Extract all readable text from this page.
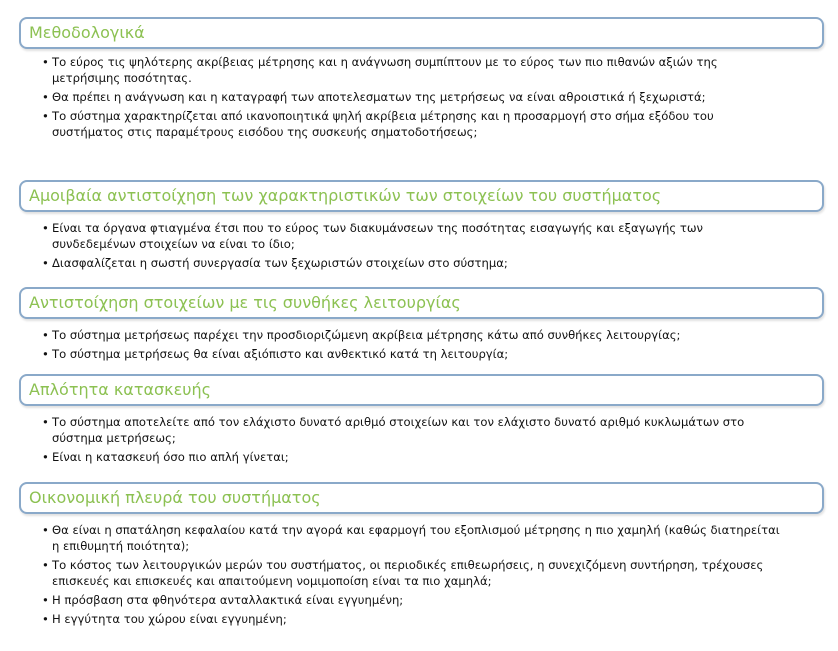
Μεθοδολογικά
• Το εύρος τις ψηλότερης ακρίβειας μέτρησης και η ανάγνωση συμπίπτουν με το εύρος των πιο πιθανών αξιών της μετρήσιμης ποσότητας.
• Θα πρέπει η ανάγνωση και η καταγραφή των αποτελεσματων της μετρήσεως να είναι αθροιστικά ή ξεχωριστά;
• Το σύστημα χαρακτηρίζεται από ικανοποιητικά ψηλή ακρίβεια μέτρησης και η προσαρμογή στο σήμα εξόδου του συστήματος στις παραμέτρους εισόδου της συσκευής σηματοδοτήσεως;
Αμοιβαία αντιστοίχηση των χαρακτηριστικών των στοιχείων του συστήματος
• Είναι τα όργανα φτιαγμένα έτσι που το εύρος των διακυμάνσεων της ποσότητας εισαγωγής και εξαγωγής των συνδεδεμένων στοιχείων να είναι το ίδιο;
• Διασφαλίζεται η σωστή συνεργασία των ξεχωριστών στοιχείων στο σύστημα;
Αντιστοίχηση στοιχείων με τις συνθήκες λειτουργίας
• Το σύστημα μετρήσεως παρέχει την προσδιοριζώμενη ακρίβεια μέτρησης κάτω από συνθήκες λειτουργίας;
• Το σύστημα μετρήσεως θα είναι αξιόπιστο και ανθεκτικό κατά τη λειτουργία;
Απλότητα κατασκευής
• Το σύστημα αποτελείτε από τον ελάχιστο δυνατό αριθμό στοιχείων και τον ελάχιστο δυνατό αριθμό κυκλωμάτων στο σύστημα μετρήσεως;
• Είναι η κατασκευή όσο πιο απλή γίνεται;
Οικονομική πλευρά του συστήματος
• Θα είναι η σπατάληση κεφαλαίου κατά την αγορά και εφαρμογή του εξοπλισμού μέτρησης η πιο χαμηλή (καθώς διατηρείται η επιθυμητή ποιότητα);
• Το κόστος των λειτουργικών μερών του συστήματος, οι περιοδικές επιθεωρήσεις, η συνεχιζόμενη συντήρηση, τρέχουσες επισκευές και επισκευές και απαιτούμενη νομιμοποίση είναι τα πιο χαμηλά;
• Η πρόσβαση στα φθηνότερα ανταλλακτικά είναι εγγυημένη;
• Η εγγύτητα του χώρου είναι εγγυημένη;
